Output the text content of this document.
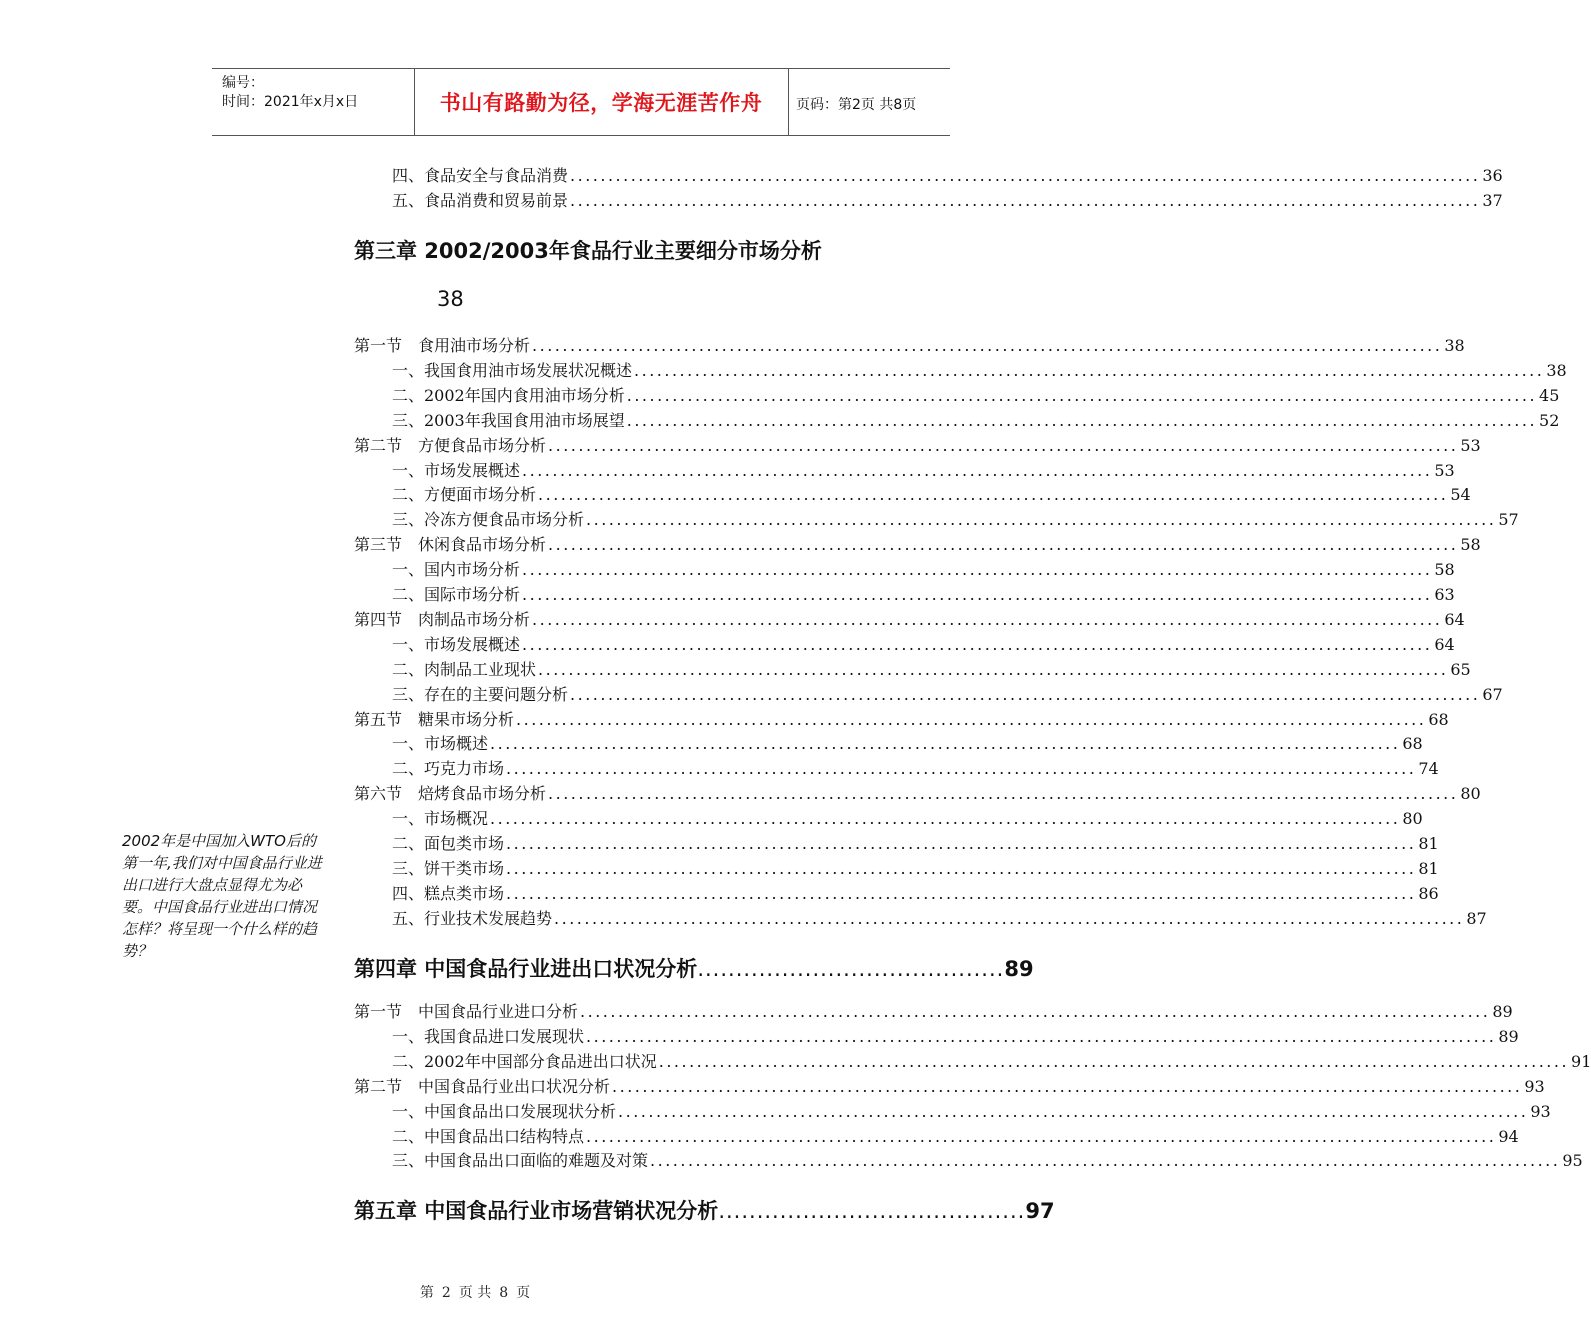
编号：
时间：2021年x月x日	书山有路勤为径，学海无涯苦作舟	页码：第2页 共8页
第三章 2002/2003年食品行业主要细分市场分析
38
第四章 中国食品行业进出口状况分析 ........................................ 89
第五章 中国食品行业市场营销状况分析 ........................................ 97
四、食品安全与食品消费 ........................................................................................................................ 36
五、食品消费和贸易前景 ........................................................................................................................ 37
第一节　食用油市场分析 ........................................................................................................................ 38
一、我国食用油市场发展状况概述 ........................................................................................................................ 38
二、2002年国内食用油市场分析 ........................................................................................................................ 45
三、2003年我国食用油市场展望 ........................................................................................................................ 52
第二节　方便食品市场分析 ........................................................................................................................ 53
一、市场发展概述 ........................................................................................................................ 53
二、方便面市场分析 ........................................................................................................................ 54
三、冷冻方便食品市场分析 ........................................................................................................................ 57
第三节　休闲食品市场分析 ........................................................................................................................ 58
一、国内市场分析 ........................................................................................................................ 58
二、国际市场分析 ........................................................................................................................ 63
第四节　肉制品市场分析 ........................................................................................................................ 64
一、市场发展概述 ........................................................................................................................ 64
二、肉制品工业现状 ........................................................................................................................ 65
三、存在的主要问题分析 ........................................................................................................................ 67
第五节　糖果市场分析 ........................................................................................................................ 68
一、市场概述 ........................................................................................................................ 68
二、巧克力市场 ........................................................................................................................ 74
第六节　焙烤食品市场分析 ........................................................................................................................ 80
一、市场概况 ........................................................................................................................ 80
二、面包类市场 ........................................................................................................................ 81
三、饼干类市场 ........................................................................................................................ 81
四、糕点类市场 ........................................................................................................................ 86
五、行业技术发展趋势 ........................................................................................................................ 87
第一节　中国食品行业进口分析 ........................................................................................................................ 89
一、我国食品进口发展现状 ........................................................................................................................ 89
二、2002年中国部分食品进出口状况 ........................................................................................................................ 91
第二节　中国食品行业出口状况分析 ........................................................................................................................ 93
一、中国食品出口发展现状分析 ........................................................................................................................ 93
二、中国食品出口结构特点 ........................................................................................................................ 94
三、中国食品出口面临的难题及对策 ........................................................................................................................ 95
2002年是中国加入WTO后的第一年,我们对中国食品行业进出口进行大盘点显得尤为必要。中国食品行业进出口情况怎样？将呈现一个什么样的趋势？
第 2 页 共 8 页
